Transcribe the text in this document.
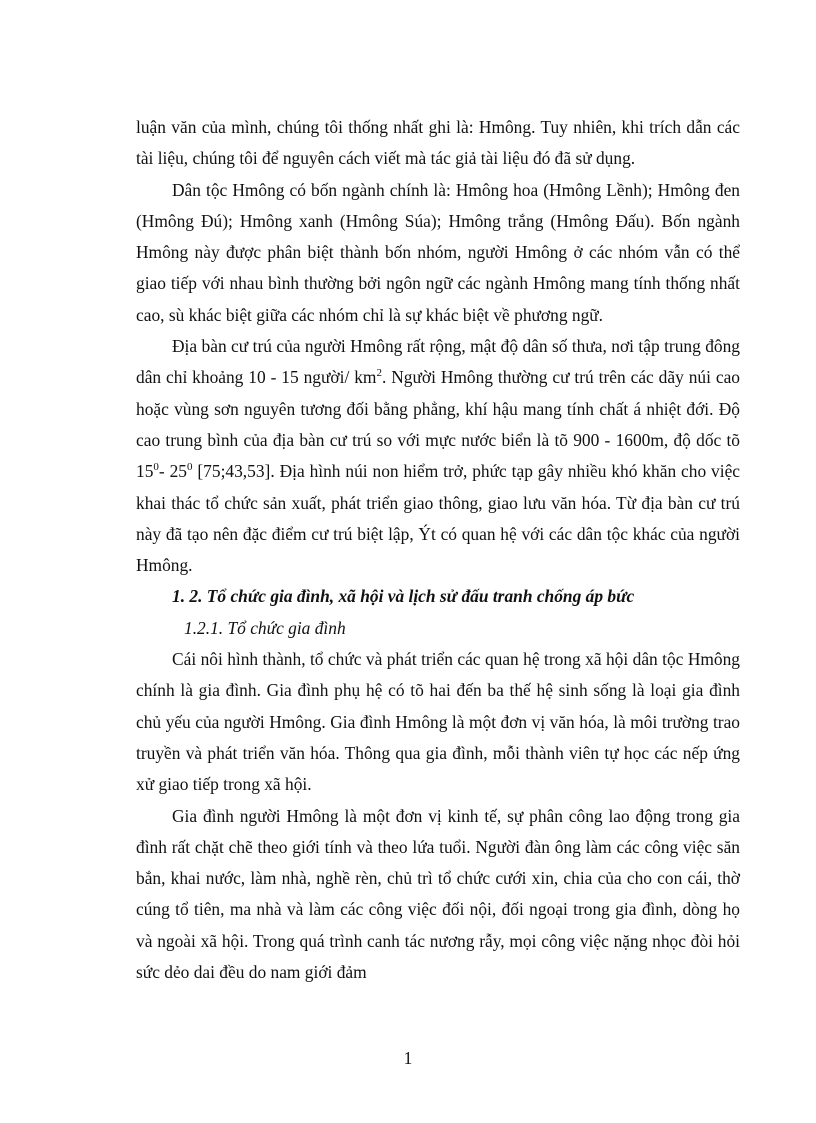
luận văn của mình, chúng tôi thống nhất ghi là: Hmông. Tuy nhiên, khi trích dẫn các tài liệu, chúng tôi để nguyên cách viết mà tác giả tài liệu đó đã sử dụng.

Dân tộc Hmông có bốn ngành chính là: Hmông hoa (Hmông Lềnh); Hmông đen (Hmông Đú); Hmông xanh (Hmông Súa); Hmông trắng (Hmông Đấu). Bốn ngành Hmông này được phân biệt thành bốn nhóm, người Hmông ở các nhóm vẫn có thể giao tiếp với nhau bình thường bởi ngôn ngữ các ngành Hmông mang tính thống nhất cao, sù khác biệt giữa các nhóm chỉ là sự khác biệt về phương ngữ.

Địa bàn cư trú của người Hmông rất rộng, mật độ dân số thưa, nơi tập trung đông dân chỉ khoảng 10 - 15 người/ $km^2$. Người Hmông thường cư trú trên các dãy núi cao hoặc vùng sơn nguyên tương đối bằng phẳng, khí hậu mang tính chất á nhiệt đới. Độ cao trung bình của địa bàn cư trú so với mực nước biển là tõ 900 - 1600m, độ dốc tõ $15^0-$ $25^0$ [75;43,53]. Địa hình núi non hiểm trở, phức tạp gây nhiều khó khăn cho việc khai thác tổ chức sản xuất, phát triển giao thông, giao lưu văn hóa. Từ địa bàn cư trú này đã tạo nên đặc điểm cư trú biệt lập, Ýt có quan hệ với các dân tộc khác của người Hmông.

1. 2. Tổ chức gia đình, xã hội và lịch sử đấu tranh chống áp bức

1.2.1. Tổ chức gia đình

Cái nôi hình thành, tổ chức và phát triển các quan hệ trong xã hội dân tộc Hmông chính là gia đình. Gia đình phụ hệ có tõ hai đến ba thế hệ sinh sống là loại gia đình chủ yếu của người Hmông. Gia đình Hmông là một đơn vị văn hóa, là môi trường trao truyền và phát triển văn hóa. Thông qua gia đình, mỗi thành viên tự học các nếp ứng xử giao tiếp trong xã hội.

Gia đình người Hmông là một đơn vị kinh tế, sự phân công lao động trong gia đình rất chặt chẽ theo giới tính và theo lứa tuổi. Người đàn ông làm các công việc săn bắn, khai nước, làm nhà, nghề rèn, chủ trì tổ chức cưới xin, chia của cho con cái, thờ cúng tổ tiên, ma nhà và làm các công việc đối nội, đối ngoại trong gia đình, dòng họ và ngoài xã hội. Trong quá trình canh tác nương rẫy, mọi công việc nặng nhọc đòi hỏi sức dẻo dai đều do nam giới đảm

1
